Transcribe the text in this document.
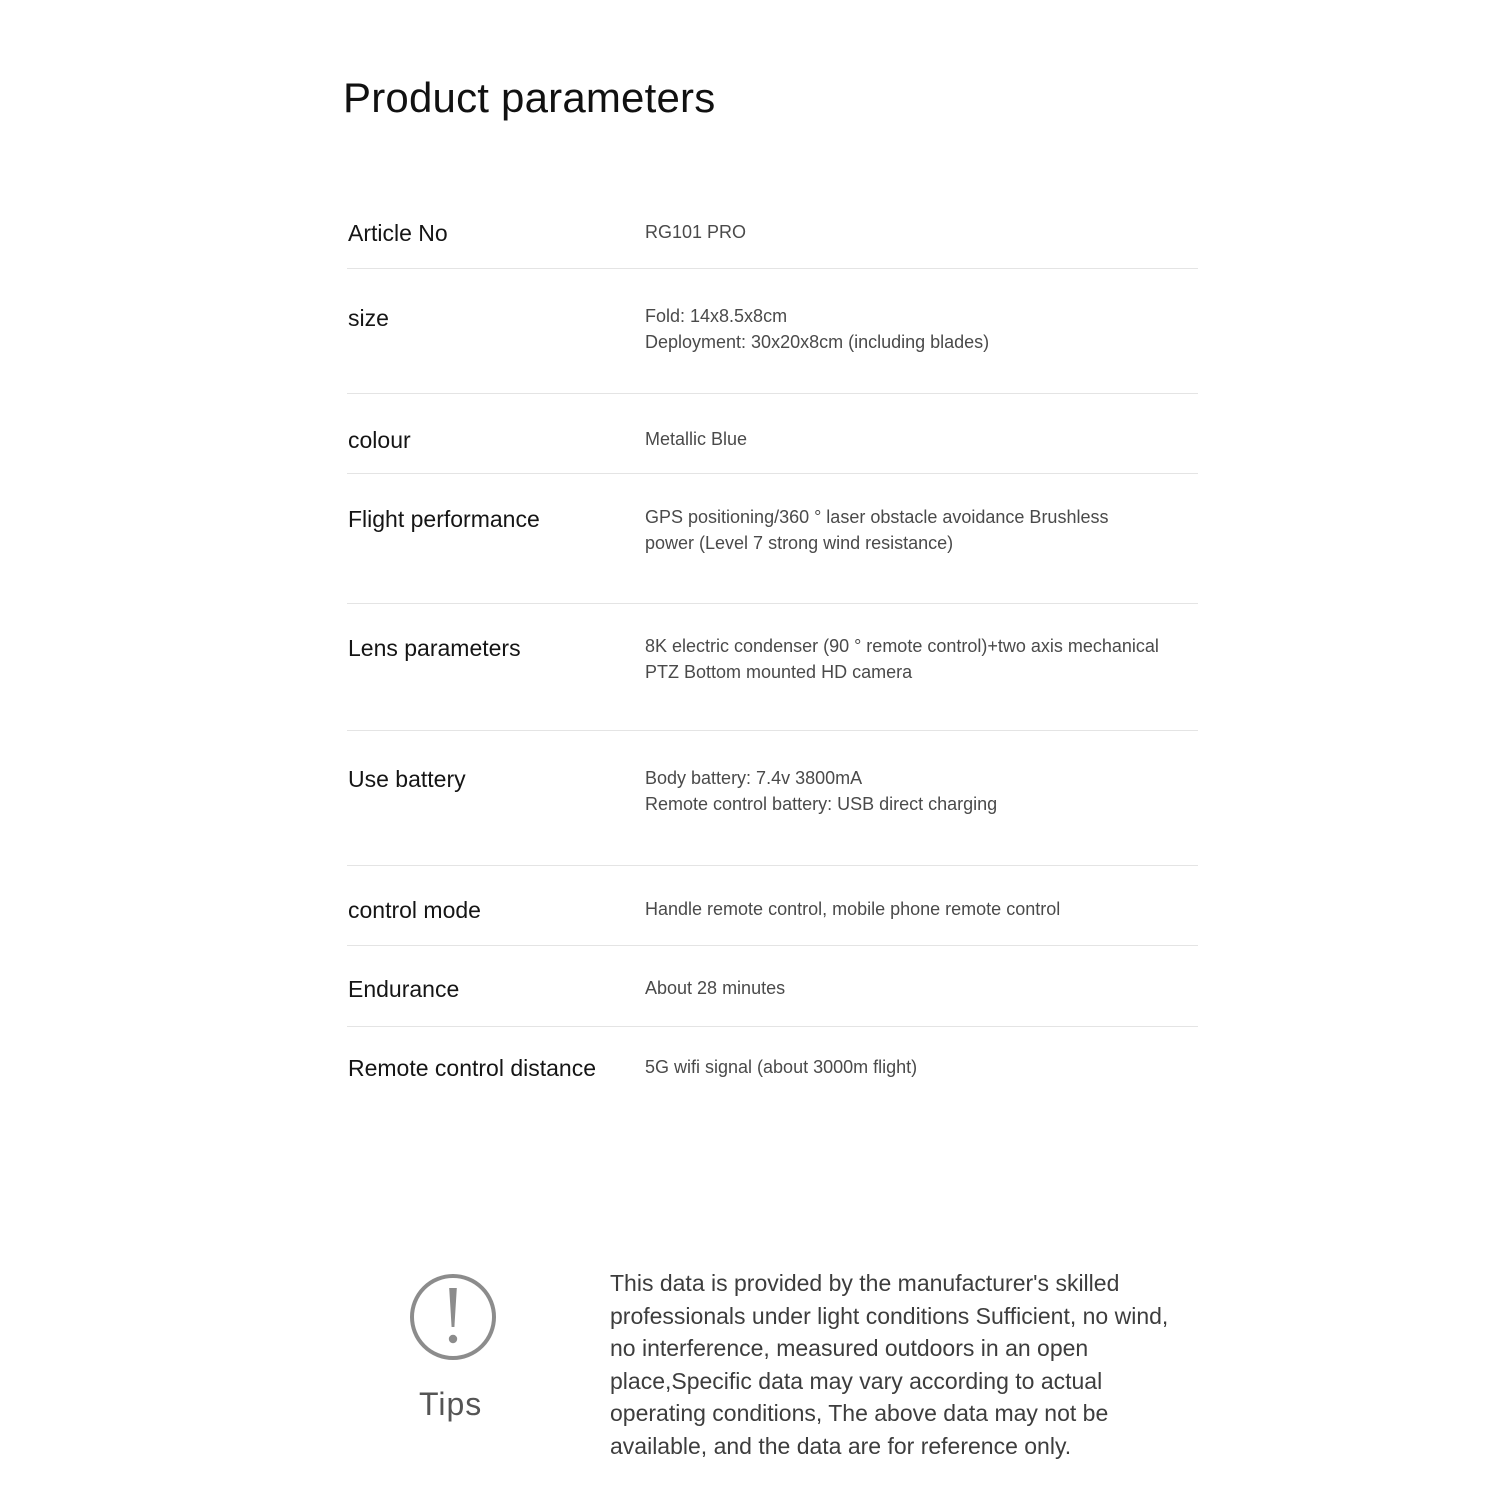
Product parameters
Article No	RG101 PRO
size	Fold: 14x8.5x8cm
Deployment: 30x20x8cm (including blades)
colour	Metallic Blue
Flight performance	GPS positioning/360 ° laser obstacle avoidance Brushless
power (Level 7 strong wind resistance)
Lens parameters	8K electric condenser (90 ° remote control)+two axis mechanical
PTZ Bottom mounted HD camera
Use battery	Body battery: 7.4v 3800mA
Remote control battery: USB direct charging
control mode	Handle remote control, mobile phone remote control
Endurance	About 28 minutes
Remote control distance	5G wifi signal (about 3000m flight)
Tips

This data is provided by the manufacturer's skilled professionals under light conditions Sufficient, no wind, no interference, measured outdoors in an open place,Specific data may vary according to actual operating conditions, The above data may not be available, and the data are for reference only.
